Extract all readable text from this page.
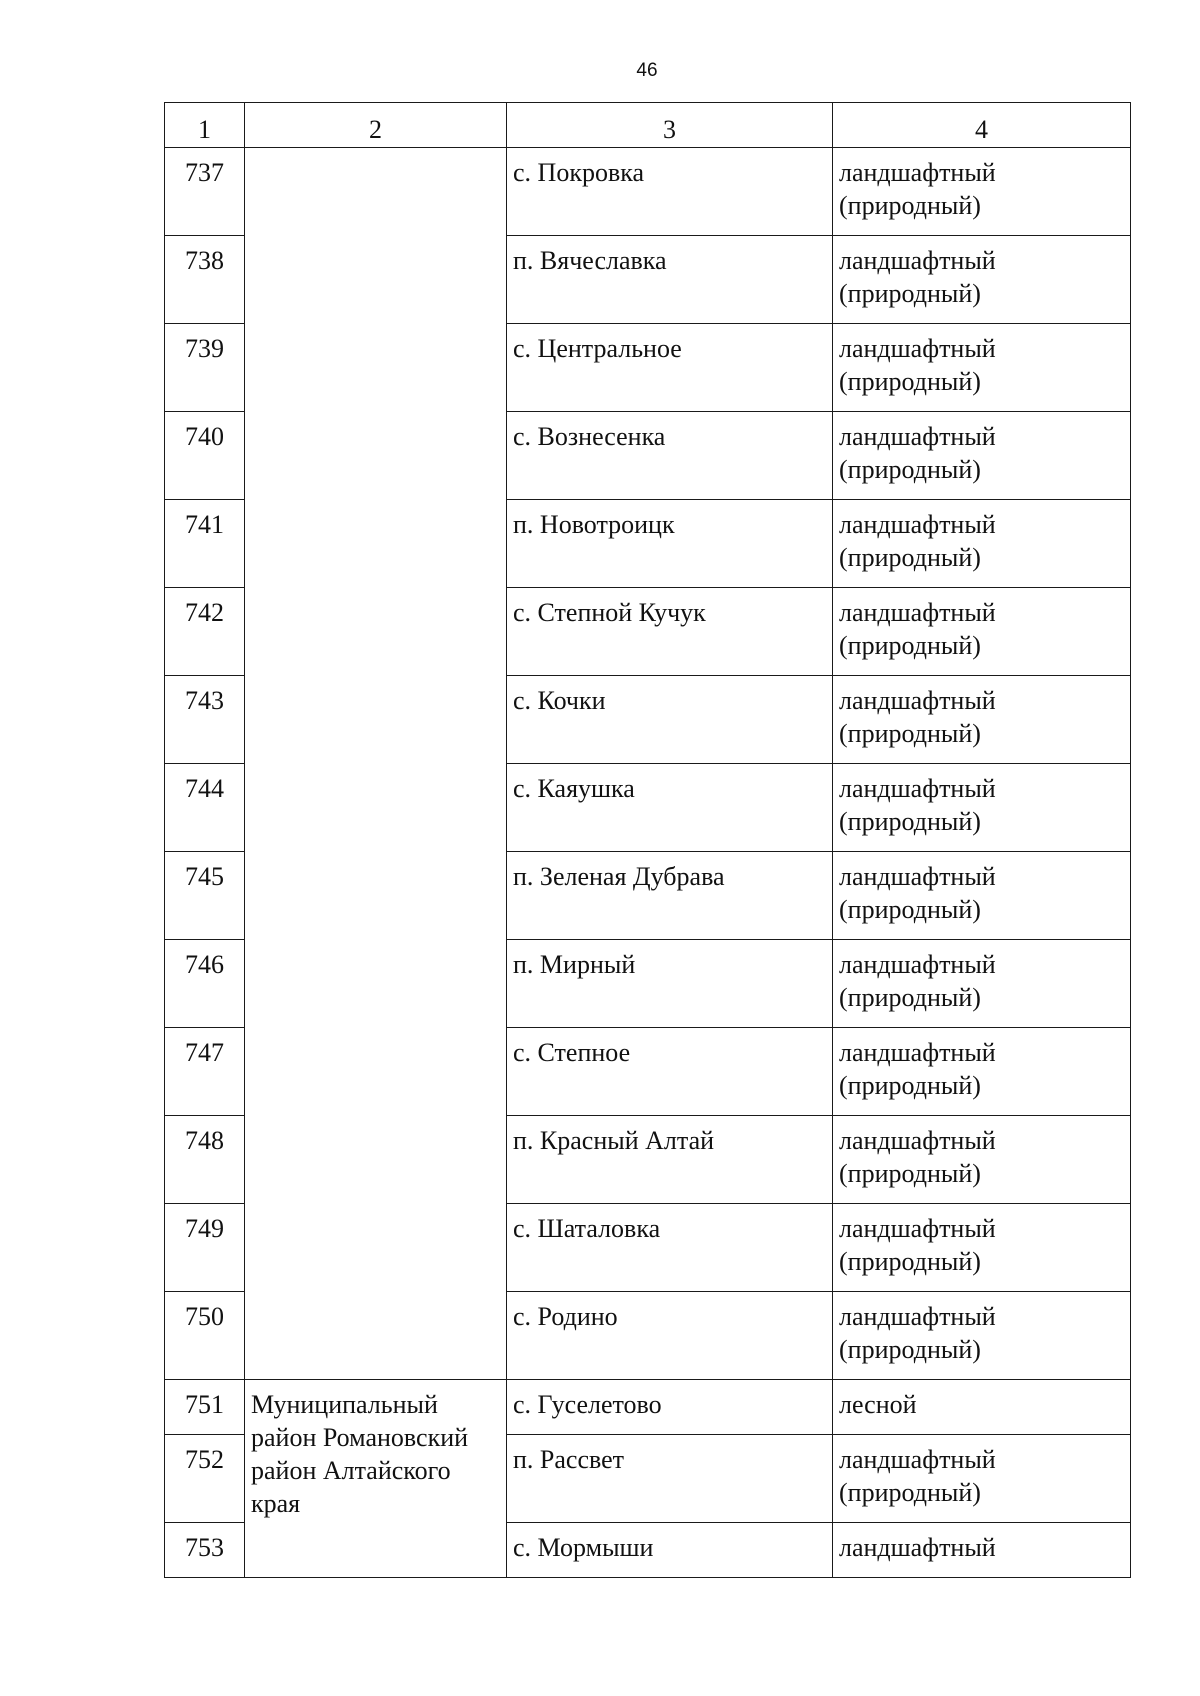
46
1	2	3	4
737		с. Покровка	ландшафтный (природный)
738		п. Вячеславка	ландшафтный (природный)
739		с. Центральное	ландшафтный (природный)
740		с. Вознесенка	ландшафтный (природный)
741		п. Новотроицк	ландшафтный (природный)
742		с. Степной Кучук	ландшафтный (природный)
743		с. Кочки	ландшафтный (природный)
744		с. Каяушка	ландшафтный (природный)
745		п. Зеленая Дубрава	ландшафтный (природный)
746		п. Мирный	ландшафтный (природный)
747		с. Степное	ландшафтный (природный)
748		п. Красный Алтай	ландшафтный (природный)
749		с. Шаталовка	ландшафтный (природный)
750		с. Родино	ландшафтный (природный)
751	Муниципальный район Романовский район Алтайского края	с. Гуселетово	лесной
752		п. Рассвет	ландшафтный (природный)
753		с. Мормыши	ландшафтный
